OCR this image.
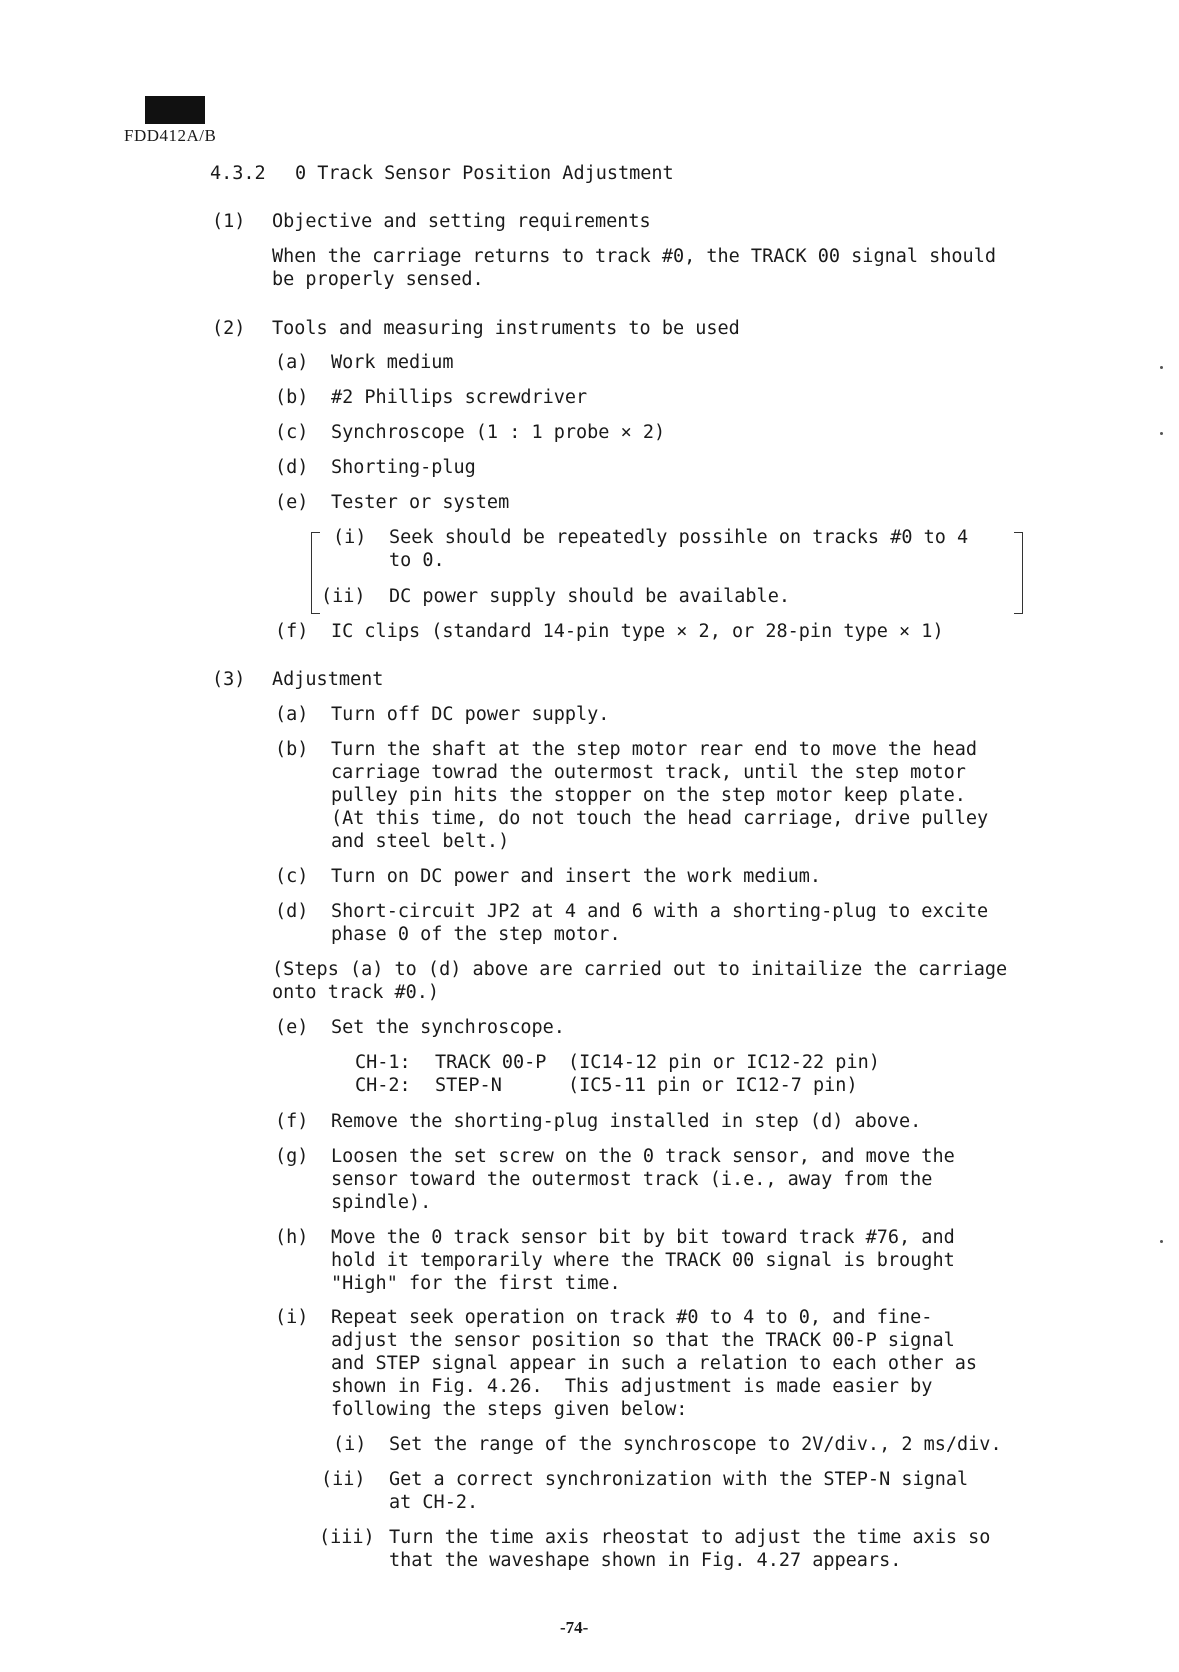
FDD412A/B
4.3.2 0 Track Sensor Position Adjustment
(1) Objective and setting requirements
When the carriage returns to track #0, the TRACK 00 signal should
be properly sensed.
(2) Tools and measuring instruments to be used
(a) Work medium
(b) #2 Phillips screwdriver
(c) Synchroscope (1 : 1 probe × 2)
(d) Shorting-plug
(e) Tester or system
(i) Seek should be repeatedly possihle on tracks #0 to 4
to 0.
(ii) DC power supply should be available.
(f) IC clips (standard 14-pin type × 2, or 28-pin type × 1)
(3) Adjustment
(a) Turn off DC power supply.
(b) Turn the shaft at the step motor rear end to move the head
carriage towrad the outermost track, until the step motor
pulley pin hits the stopper on the step motor keep plate.
(At this time, do not touch the head carriage, drive pulley
and steel belt.)
(c) Turn on DC power and insert the work medium.
(d) Short-circuit JP2 at 4 and 6 with a shorting-plug to excite
phase 0 of the step motor.
(Steps (a) to (d) above are carried out to initailize the carriage
onto track #0.)
(e) Set the synchroscope.
CH-1: TRACK 00-P (IC14-12 pin or IC12-22 pin)
CH-2: STEP-N	(IC5-11 pin or IC12-7 pin)
(f) Remove the shorting-plug installed in step (d) above.
(g) Loosen the set screw on the 0 track sensor, and move the
sensor toward the outermost track (i.e., away from the
spindle).
(h) Move the 0 track sensor bit by bit toward track #76, and
hold it temporarily where the TRACK 00 signal is brought
"High" for the first time.
(i) Repeat seek operation on track #0 to 4 to 0, and fine-
adjust the sensor position so that the TRACK 00-P signal
and STEP signal appear in such a relation to each other as
shown in Fig. 4.26.  This adjustment is made easier by
following the steps given below:
(i) Set the range of the synchroscope to 2V/div., 2 ms/div.
(ii) Get a correct synchronization with the STEP-N signal
at CH-2.
(iii) Turn the time axis rheostat to adjust the time axis so
that the waveshape shown in Fig. 4.27 appears.
-74-
